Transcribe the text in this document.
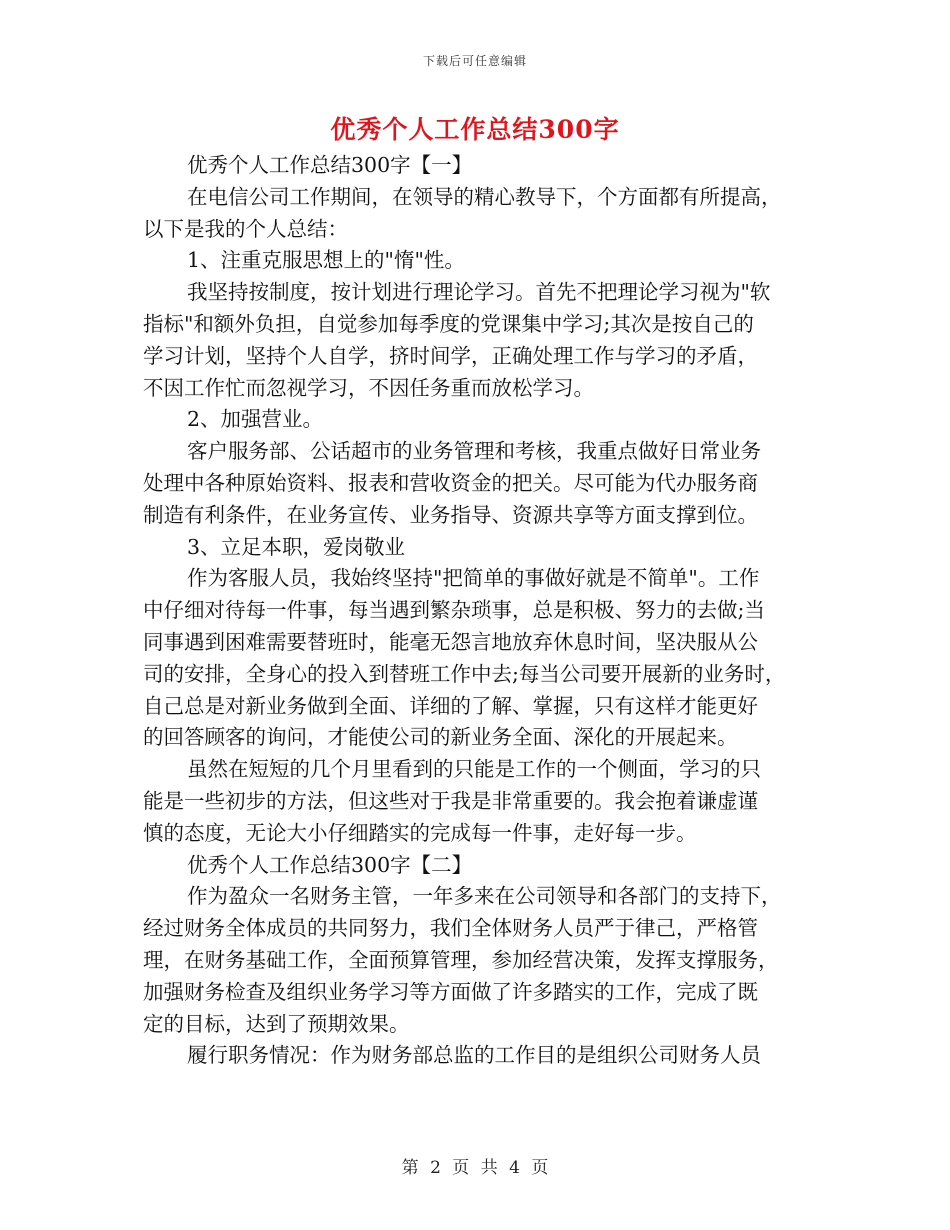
下载后可任意编辑
优秀个人工作总结300字
优秀个人工作总结300字【一】
在电信公司工作期间，在领导的精心教导下，个方面都有所提高，
以下是我的个人总结：
1、注重克服思想上的"惰"性。
我坚持按制度，按计划进行理论学习。首先不把理论学习视为"软
指标"和额外负担，自觉参加每季度的党课集中学习;其次是按自己的
学习计划，坚持个人自学，挤时间学，正确处理工作与学习的矛盾，
不因工作忙而忽视学习，不因任务重而放松学习。
2、加强营业。
客户服务部、公话超市的业务管理和考核，我重点做好日常业务
处理中各种原始资料、报表和营收资金的把关。尽可能为代办服务商
制造有利条件，在业务宣传、业务指导、资源共享等方面支撑到位。
3、立足本职，爱岗敬业
作为客服人员，我始终坚持"把简单的事做好就是不简单"。工作
中仔细对待每一件事，每当遇到繁杂琐事，总是积极、努力的去做;当
同事遇到困难需要替班时，能毫无怨言地放弃休息时间，坚决服从公
司的安排，全身心的投入到替班工作中去;每当公司要开展新的业务时，
自己总是对新业务做到全面、详细的了解、掌握，只有这样才能更好
的回答顾客的询问，才能使公司的新业务全面、深化的开展起来。
虽然在短短的几个月里看到的只能是工作的一个侧面，学习的只
能是一些初步的方法，但这些对于我是非常重要的。我会抱着谦虚谨
慎的态度，无论大小仔细踏实的完成每一件事，走好每一步。
优秀个人工作总结300字【二】
作为盈众一名财务主管，一年多来在公司领导和各部门的支持下，
经过财务全体成员的共同努力，我们全体财务人员严于律己，严格管
理，在财务基础工作，全面预算管理，参加经营决策，发挥支撑服务，
加强财务检查及组织业务学习等方面做了许多踏实的工作，完成了既
定的目标，达到了预期效果。
履行职务情况：作为财务部总监的工作目的是组织公司财务人员
第 2 页 共 4 页
